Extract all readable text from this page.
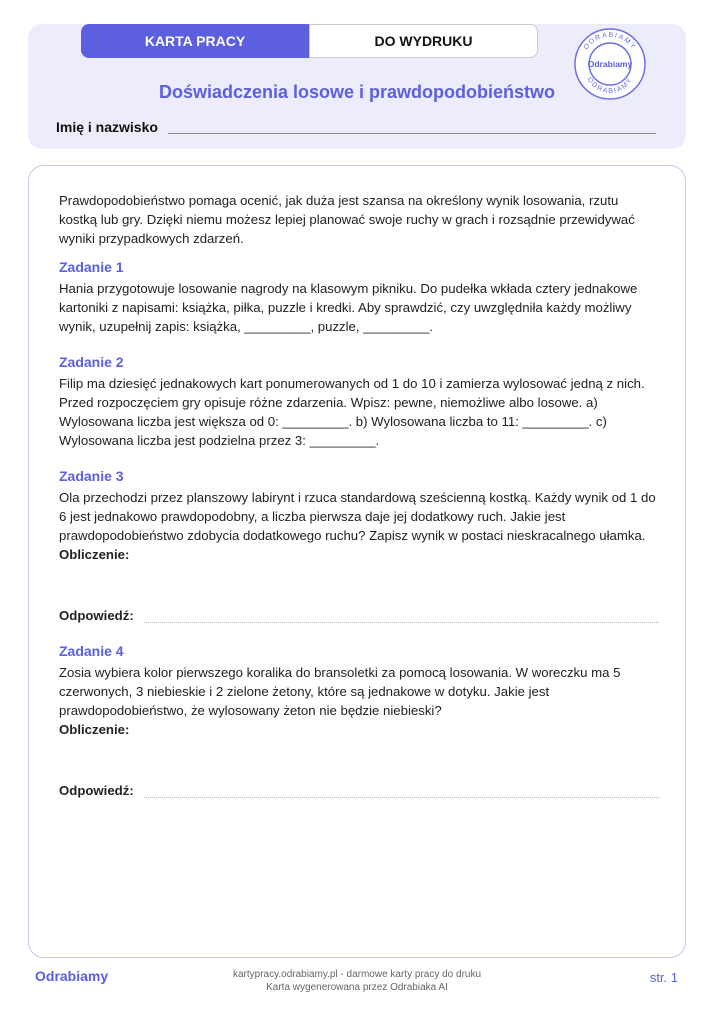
KARTA PRACY	DO WYDRUKU
Doświadczenia losowe i prawdopodobieństwo
Imię i nazwisko
ODRABIAMY
ODRABIAMY
Odrabiamy

Prawdopodobieństwo pomaga ocenić, jak duża jest szansa na określony wynik losowania, rzutu kostką lub gry. Dzięki niemu możesz lepiej planować swoje ruchy w grach i rozsądnie przewidywać wyniki przypadkowych zdarzeń.

Zadanie 1

Hania przygotowuje losowanie nagrody na klasowym pikniku. Do pudełka wkłada cztery jednakowe kartoniki z napisami: książka, piłka, puzzle i kredki. Aby sprawdzić, czy uwzględniła każdy możliwy wynik, uzupełnij zapis: książka, _________, puzzle, _________.

Zadanie 2

Filip ma dziesięć jednakowych kart ponumerowanych od 1 do 10 i zamierza wylosować jedną z nich. Przed rozpoczęciem gry opisuje różne zdarzenia. Wpisz: pewne, niemożliwe albo losowe. a) Wylosowana liczba jest większa od 0: _________. b) Wylosowana liczba to 11: _________. c) Wylosowana liczba jest podzielna przez 3: _________.

Zadanie 3

Ola przechodzi przez planszowy labirynt i rzuca standardową sześcienną kostką. Każdy wynik od 1 do 6 jest jednakowo prawdopodobny, a liczba pierwsza daje jej dodatkowy ruch. Jakie jest prawdopodobieństwo zdobycia dodatkowego ruchu? Zapisz wynik w postaci nieskracalnego ułamka.

Obliczenie:
Odpowiedź:
Zadanie 4

Zosia wybiera kolor pierwszego koralika do bransoletki za pomocą losowania. W woreczku ma 5 czerwonych, 3 niebieskie i 2 zielone żetony, które są jednakowe w dotyku. Jakie jest prawdopodobieństwo, że wylosowany żeton nie będzie niebieski?

Obliczenie:
Odpowiedź:
Odrabiamy	kartypracy.odrabiamy.pl - darmowe karty pracy do druku
Karta wygenerowana przez Odrabiaka AI
str. 1
